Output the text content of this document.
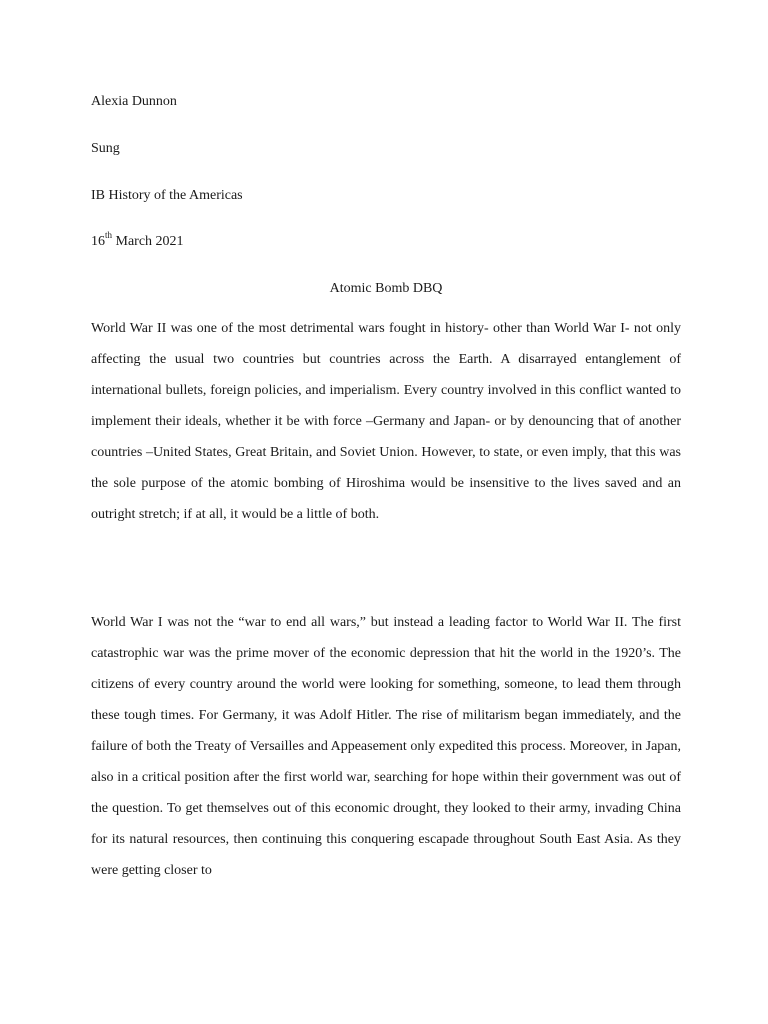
Alexia Dunnon
Sung
IB History of the Americas
16th March 2021
Atomic Bomb DBQ

World War II was one of the most detrimental wars fought in history- other than World War I- not only affecting the usual two countries but countries across the Earth. A disarrayed entanglement of international bullets, foreign policies, and imperialism. Every country involved in this conflict wanted to implement their ideals, whether it be with force –Germany and Japan- or by denouncing that of another countries –United States, Great Britain, and Soviet Union. However, to state, or even imply, that this was the sole purpose of the atomic bombing of Hiroshima would be insensitive to the lives saved and an outright stretch; if at all, it would be a little of both.

World War I was not the “war to end all wars,” but instead a leading factor to World War II. The first catastrophic war was the prime mover of the economic depression that hit the world in the 1920’s. The citizens of every country around the world were looking for something, someone, to lead them through these tough times. For Germany, it was Adolf Hitler. The rise of militarism began immediately, and the failure of both the Treaty of Versailles and Appeasement only expedited this process. Moreover, in Japan, also in a critical position after the first world war, searching for hope within their government was out of the question. To get themselves out of this economic drought, they looked to their army, invading China for its natural resources, then continuing this conquering escapade throughout South East Asia. As they were getting closer to
